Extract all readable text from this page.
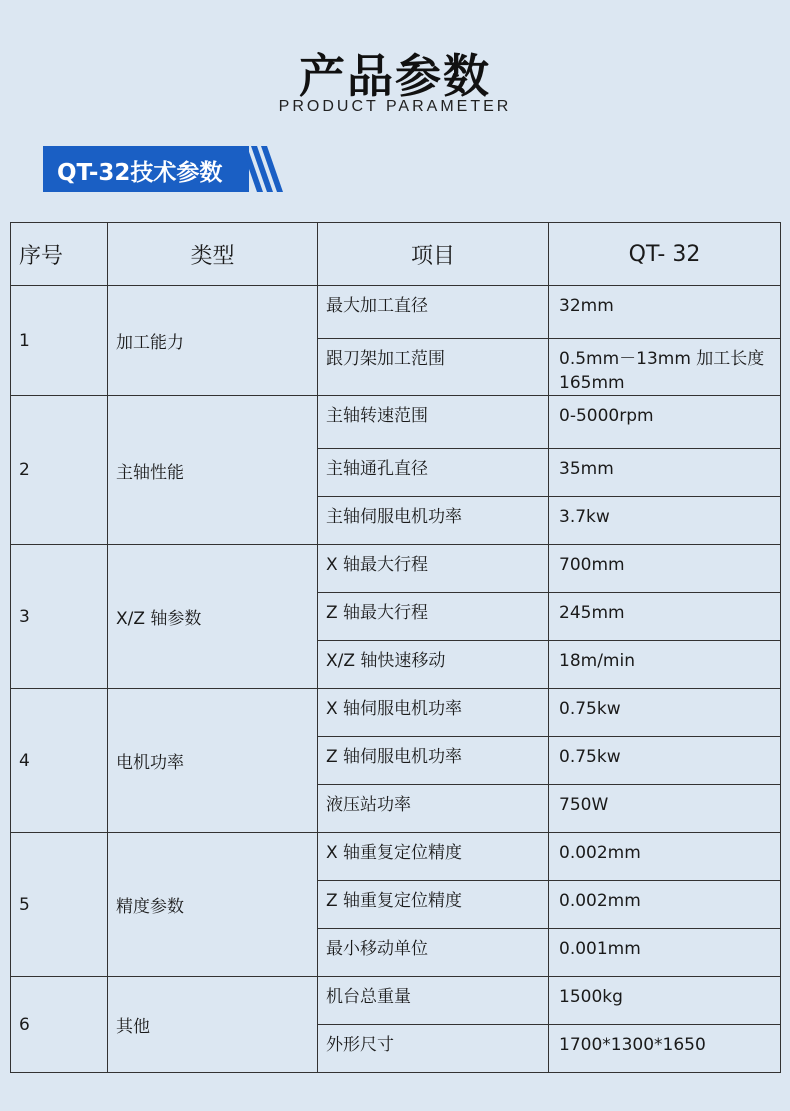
产品参数
PRODUCT PARAMETER
QT-32技术参数
序号	类型	项目	QT- 32
1	加工能力	最大加工直径	32mm
		跟刀架加工范围	0.5mm－13mm 加工长度 165mm
2	主轴性能	主轴转速范围	0-5000rpm
		主轴通孔直径	35mm
		主轴伺服电机功率	3.7kw
3	X/Z 轴参数	X 轴最大行程	700mm
		Z 轴最大行程	245mm
		X/Z 轴快速移动	18m/min
4	电机功率	X 轴伺服电机功率	0.75kw
		Z 轴伺服电机功率	0.75kw
		液压站功率	750W
5	精度参数	X 轴重复定位精度	0.002mm
		Z 轴重复定位精度	0.002mm
		最小移动单位	0.001mm
6	其他	机台总重量	1500kg
		外形尺寸	1700*1300*1650
